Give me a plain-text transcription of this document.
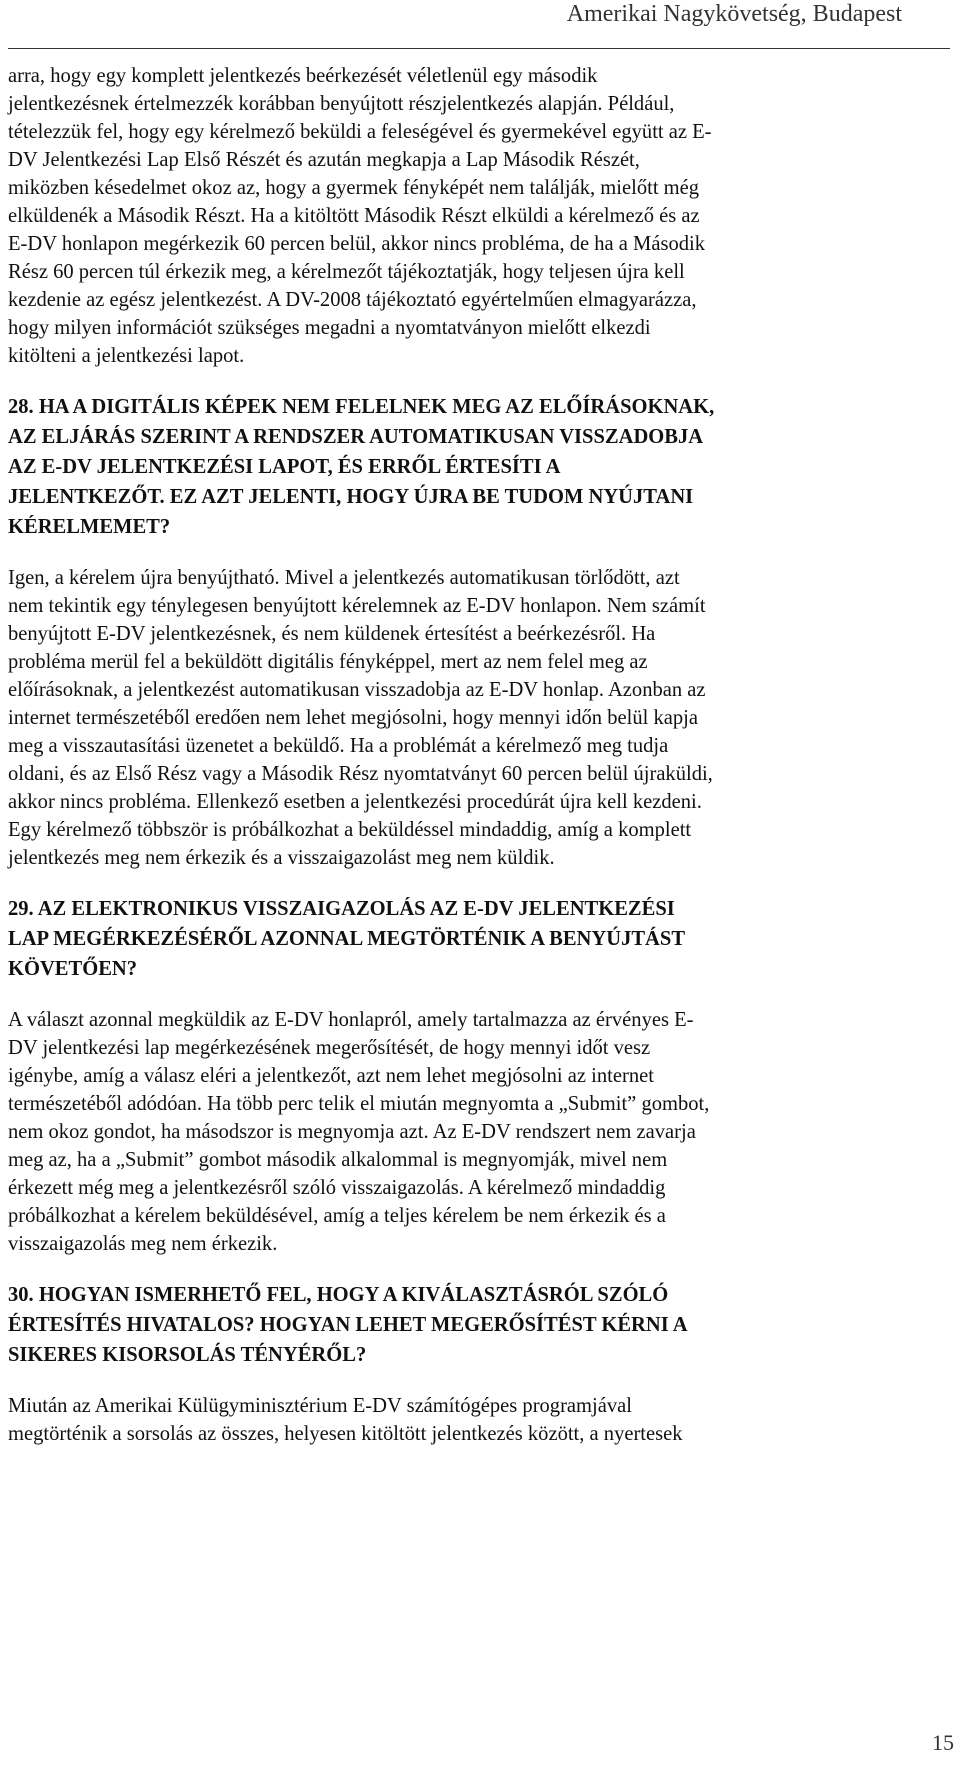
Amerikai Nagykövetség, Budapest
arra, hogy egy komplett jelentkezés beérkezését véletlenül egy második
jelentkezésnek értelmezzék korábban benyújtott részjelentkezés alapján. Például,
tételezzük fel, hogy egy kérelmező beküldi a feleségével és gyermekével együtt az E-
DV Jelentkezési Lap Első Részét és azután megkapja a Lap Második Részét,
miközben késedelmet okoz az, hogy a gyermek fényképét nem találják, mielőtt még
elküldenék a Második Részt. Ha a kitöltött Második Részt elküldi a kérelmező és az
E-DV honlapon megérkezik 60 percen belül, akkor nincs probléma, de ha a Második
Rész 60 percen túl érkezik meg, a kérelmezőt tájékoztatják, hogy teljesen újra kell
kezdenie az egész jelentkezést. A DV-2008 tájékoztató egyértelműen elmagyarázza,
hogy milyen információt szükséges megadni a nyomtatványon mielőtt elkezdi
kitölteni a jelentkezési lapot.
28. HA A DIGITÁLIS KÉPEK NEM FELELNEK MEG AZ ELŐÍRÁSOKNAK,
AZ ELJÁRÁS SZERINT A RENDSZER AUTOMATIKUSAN VISSZADOBJA
AZ E-DV JELENTKEZÉSI LAPOT, ÉS ERRŐL ÉRTESÍTI A
JELENTKEZŐT. EZ AZT JELENTI, HOGY ÚJRA BE TUDOM NYÚJTANI
KÉRELMEMET?
Igen, a kérelem újra benyújtható. Mivel a jelentkezés automatikusan törlődött, azt
nem tekintik egy ténylegesen benyújtott kérelemnek az E-DV honlapon. Nem számít
benyújtott E-DV jelentkezésnek, és nem küldenek értesítést a beérkezésről. Ha
probléma merül fel a beküldött digitális fényképpel, mert az nem felel meg az
előírásoknak, a jelentkezést automatikusan visszadobja az E-DV honlap. Azonban az
internet természetéből eredően nem lehet megjósolni, hogy mennyi időn belül kapja
meg a visszautasítási üzenetet a beküldő. Ha a problémát a kérelmező meg tudja
oldani, és az Első Rész vagy a Második Rész nyomtatványt 60 percen belül újraküldi,
akkor nincs probléma. Ellenkező esetben a jelentkezési procedúrát újra kell kezdeni.
Egy kérelmező többször is próbálkozhat a beküldéssel mindaddig, amíg a komplett
jelentkezés meg nem érkezik és a visszaigazolást meg nem küldik.
29. AZ ELEKTRONIKUS VISSZAIGAZOLÁS AZ E-DV JELENTKEZÉSI
LAP MEGÉRKEZÉSÉRŐL AZONNAL MEGTÖRTÉNIK A BENYÚJTÁST
KÖVETŐEN?
A választ azonnal megküldik az E-DV honlapról, amely tartalmazza az érvényes E-
DV jelentkezési lap megérkezésének megerősítését, de hogy mennyi időt vesz
igénybe, amíg a válasz eléri a jelentkezőt, azt nem lehet megjósolni az internet
természetéből adódóan. Ha több perc telik el miután megnyomta a „Submit” gombot,
nem okoz gondot, ha másodszor is megnyomja azt. Az E-DV rendszert nem zavarja
meg az, ha a „Submit” gombot második alkalommal is megnyomják, mivel nem
érkezett még meg a jelentkezésről szóló visszaigazolás. A kérelmező mindaddig
próbálkozhat a kérelem beküldésével, amíg a teljes kérelem be nem érkezik és a
visszaigazolás meg nem érkezik.
30. HOGYAN ISMERHETŐ FEL, HOGY A KIVÁLASZTÁSRÓL SZÓLÓ
ÉRTESÍTÉS HIVATALOS? HOGYAN LEHET MEGERŐSÍTÉST KÉRNI A
SIKERES KISORSOLÁS TÉNYÉRŐL?
Miután az Amerikai Külügyminisztérium E-DV számítógépes programjával
megtörténik a sorsolás az összes, helyesen kitöltött jelentkezés között, a nyertesek
15
